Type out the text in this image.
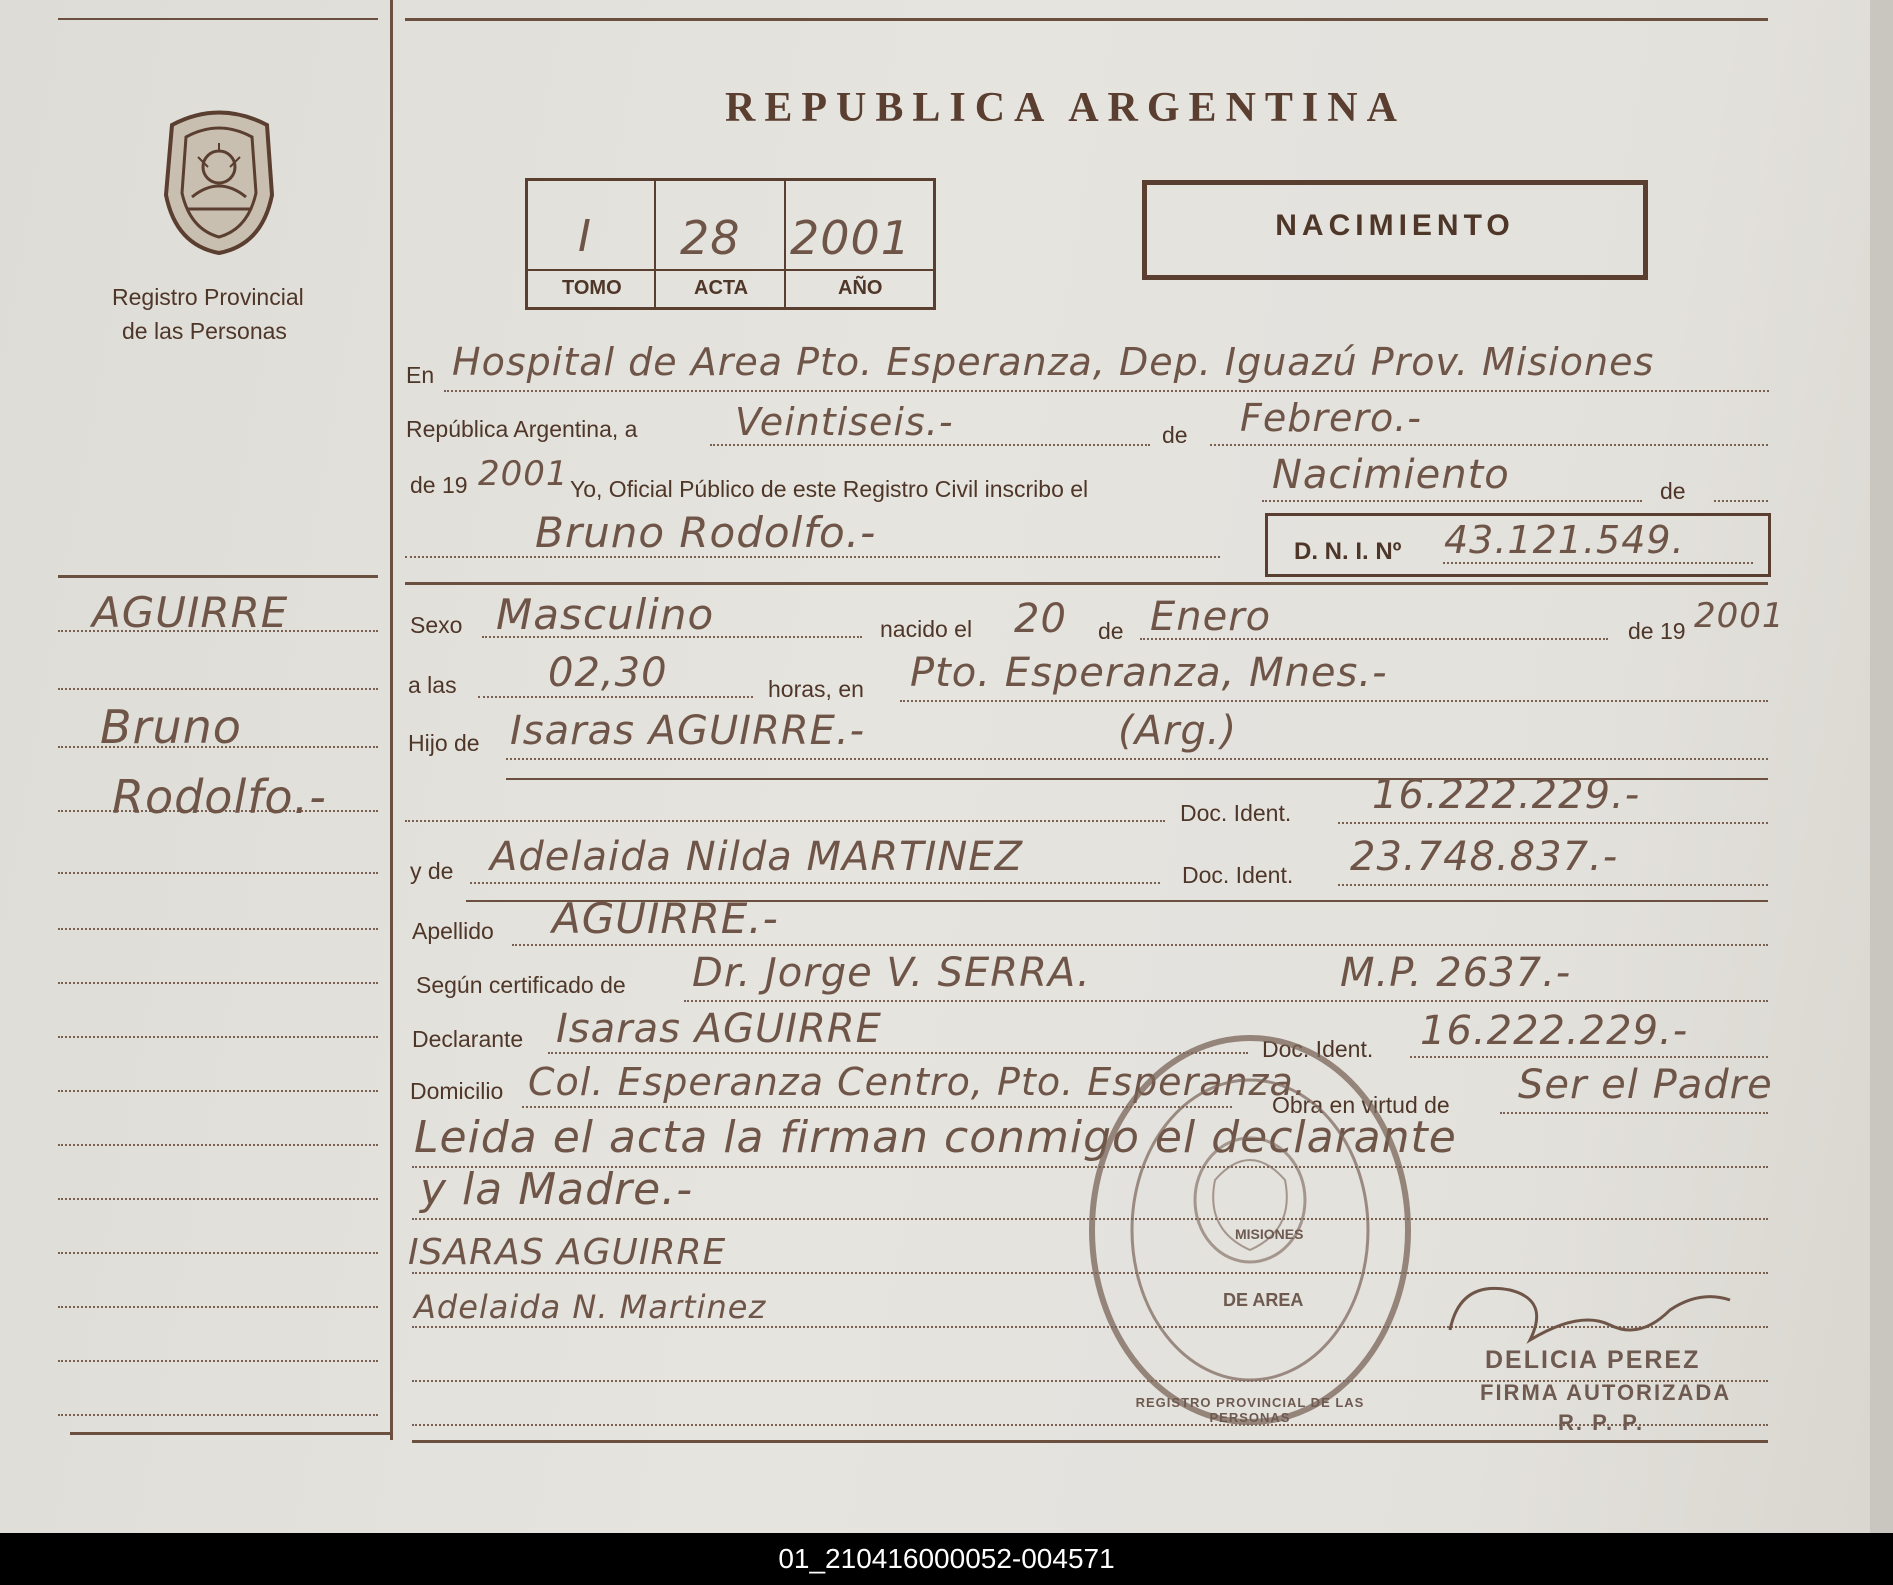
Registro Provincial
de las Personas
AGUIRRE
Bruno
Rodolfo.-
REPUBLICA ARGENTINA
I 28 2001
TOMO	ACTA	AÑO
NACIMIENTO
En Hospital de Area Pto. Esperanza, Dep. Iguazú Prov. Misiones
República Argentina, a	Veintiseis.-	de Febrero.-
de 19 2001 Yo, Oficial Público de este Registro Civil inscribo el	Nacimiento	de
Bruno Rodolfo.-	D. N. I. Nº 43.121.549.
Sexo Masculino	nacido el 20 de Enero	de 19 2001
a las 02,30	horas, en Pto. Esperanza, Mnes.-
Hijo de Isaras AGUIRRE.-	(Arg.)
Doc. Ident. 16.222.229.-
y de Adelaida Nilda MARTINEZ	Doc. Ident. 23.748.837.-
Apellido AGUIRRE.-
Según certificado de Dr. Jorge V. SERRA.	M.P. 2637.-
Declarante Isaras AGUIRRE	Doc. Ident. 16.222.229.-
Domicilio Col. Esperanza Centro, Pto. Esperanza.
Obra en virtud de Ser el Padre
Leida el acta la firman conmigo el declarante
y la Madre.-
ISARAS AGUIRRE
Adelaida N. Martinez	DE AREA
MISIONES
REGISTRO PROVINCIAL DE LAS PERSONAS
DELICIA PEREZ
FIRMA AUTORIZADA
R. P. P.
01_210416000052-004571
